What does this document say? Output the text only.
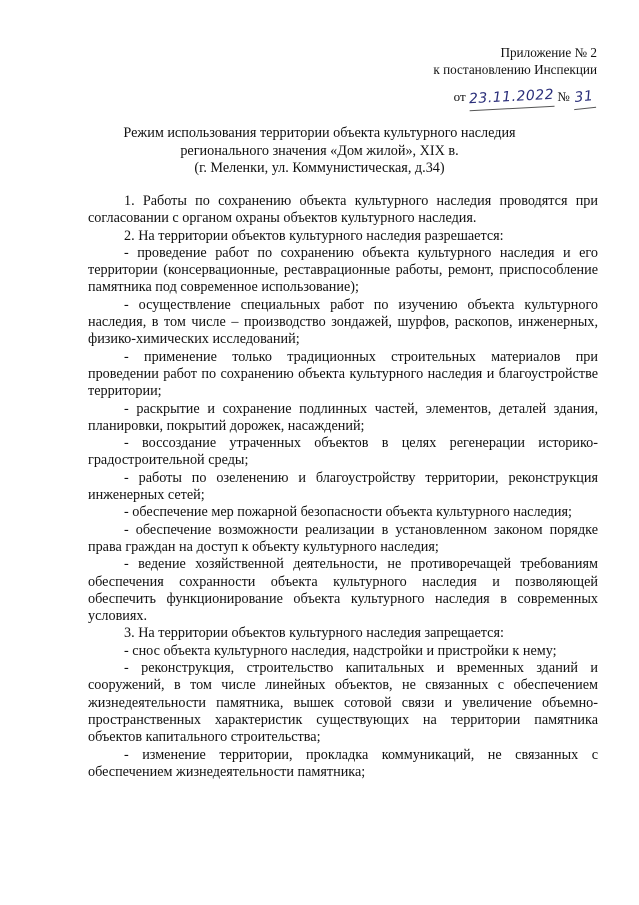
Приложение № 2
к постановлению Инспекции
от 23.11.2022 № 31
Режим использования территории объекта культурного наследия
регионального значения «Дом жилой», XIX в.
(г. Меленки, ул. Коммунистическая, д.34)

1. Работы по сохранению объекта культурного наследия проводятся при согласовании с органом охраны объектов культурного наследия.

2. На территории объектов культурного наследия разрешается:

- проведение работ по сохранению объекта культурного наследия и его территории (консервационные, реставрационные работы, ремонт, приспособление памятника под современное использование);

- осуществление специальных работ по изучению объекта культурного наследия, в том числе – производство зондажей, шурфов, раскопов, инженерных, физико-химических исследований;

- применение только традиционных строительных материалов при проведении работ по сохранению объекта культурного наследия и благоустройстве территории;

- раскрытие и сохранение подлинных частей, элементов, деталей здания, планировки, покрытий дорожек, насаждений;

- воссоздание утраченных объектов в целях регенерации историко-градостроительной среды;

- работы по озеленению и благоустройству территории, реконструкция инженерных сетей;

- обеспечение мер пожарной безопасности объекта культурного наследия;

- обеспечение возможности реализации в установленном законом порядке права граждан на доступ к объекту культурного наследия;

- ведение хозяйственной деятельности, не противоречащей требованиям обеспечения сохранности объекта культурного наследия и позволяющей обеспечить функционирование объекта культурного наследия в современных условиях.

3. На территории объектов культурного наследия запрещается:

- снос объекта культурного наследия, надстройки и пристройки к нему;

- реконструкция, строительство капитальных и временных зданий и сооружений, в том числе линейных объектов, не связанных с обеспечением жизнедеятельности памятника, вышек сотовой связи и увеличение объемно-пространственных характеристик существующих на территории памятника объектов капитального строительства;

- изменение территории, прокладка коммуникаций, не связанных с обеспечением жизнедеятельности памятника;
